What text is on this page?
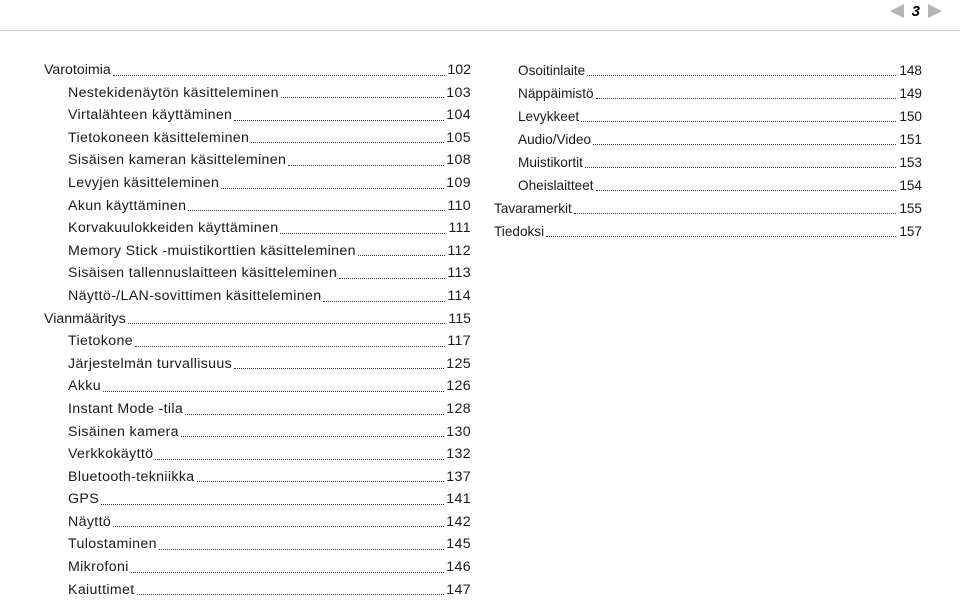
3
Varotoimia	102
Nestekidenäytön käsitteleminen	103
Virtalähteen käyttäminen	104
Tietokoneen käsitteleminen	105
Sisäisen kameran käsitteleminen	108
Levyjen käsitteleminen	109
Akun käyttäminen	110
Korvakuulokkeiden käyttäminen	111
Memory Stick -muistikorttien käsitteleminen	112
Sisäisen tallennuslaitteen käsitteleminen	113
Näyttö-/LAN-sovittimen käsitteleminen	114
Vianmääritys	115
Tietokone	117
Järjestelmän turvallisuus	125
Akku	126
Instant Mode -tila	128
Sisäinen kamera	130
Verkkokäyttö	132
Bluetooth-tekniikka	137
GPS	141
Näyttö	142
Tulostaminen	145
Mikrofoni	146
Kaiuttimet	147
Osoitinlaite	148
Näppäimistö	149
Levykkeet	150
Audio/Video	151
Muistikortit	153
Oheislaitteet	154
Tavaramerkit	155
Tiedoksi	157
